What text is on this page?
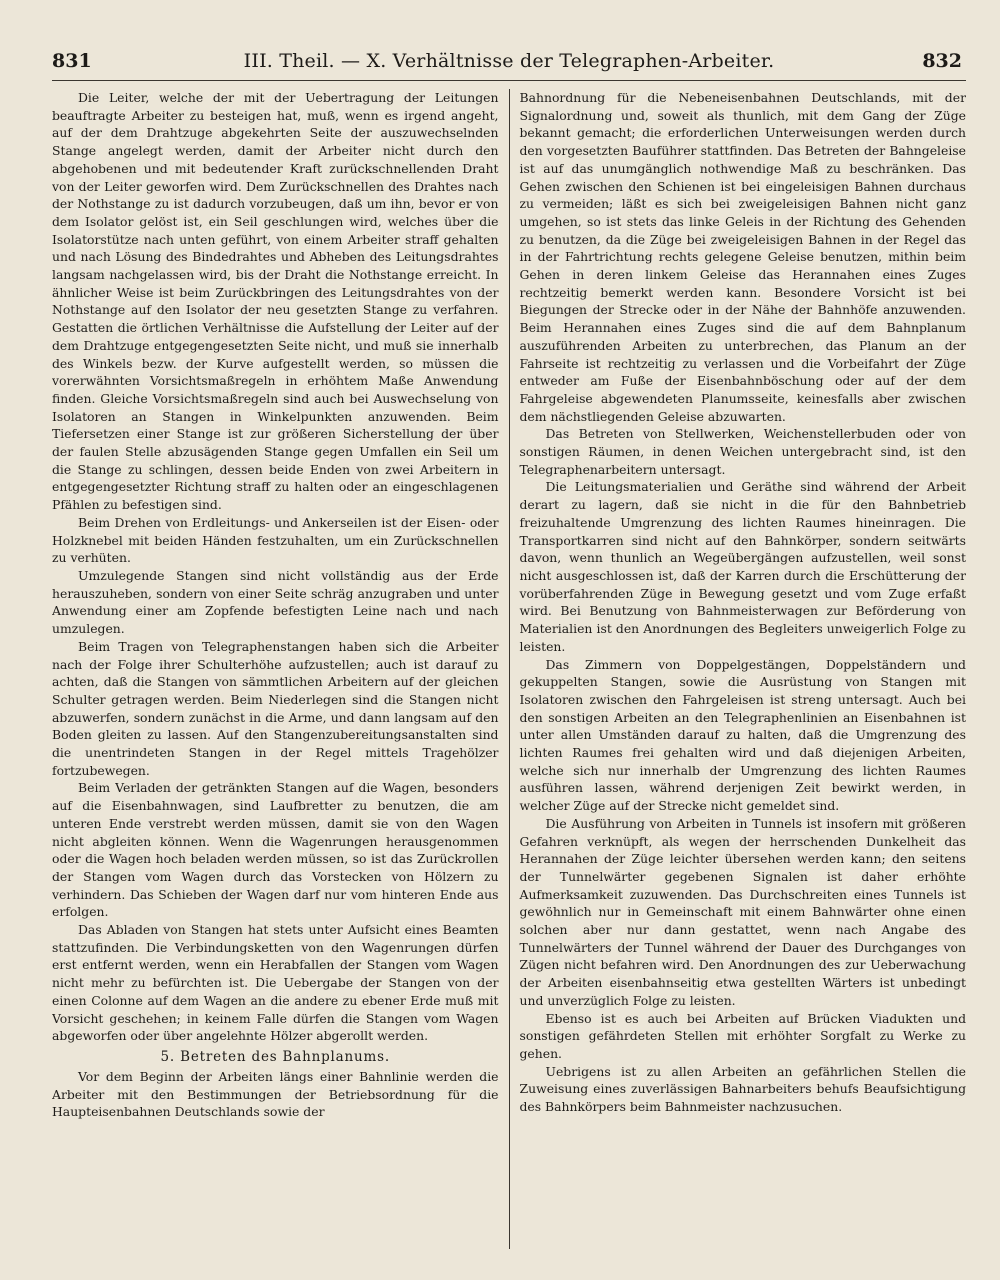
831	III. Theil. — X. Verhältnisse der Telegraphen-Arbeiter.	832

Die Leiter, welche der mit der Uebertragung der Leitungen beauftragte Arbeiter zu besteigen hat, muß, wenn es irgend angeht, auf der dem Drahtzuge abgekehrten Seite der auszuwechselnden Stange angelegt werden, damit der Arbeiter nicht durch den abgehobenen und mit bedeutender Kraft zurückschnellenden Draht von der Leiter geworfen wird. Dem Zurückschnellen des Drahtes nach der Nothstange zu ist dadurch vorzubeugen, daß um ihn, bevor er von dem Isolator gelöst ist, ein Seil geschlungen wird, welches über die Isolatorstütze nach unten geführt, von einem Arbeiter straff gehalten und nach Lösung des Bindedrahtes und Abheben des Leitungsdrahtes langsam nachgelassen wird, bis der Draht die Nothstange erreicht. In ähnlicher Weise ist beim Zurückbringen des Leitungsdrahtes von der Nothstange auf den Isolator der neu gesetzten Stange zu verfahren. Gestatten die örtlichen Verhältnisse die Aufstellung der Leiter auf der dem Drahtzuge entgegengesetzten Seite nicht, und muß sie innerhalb des Winkels bezw. der Kurve aufgestellt werden, so müssen die vorerwähnten Vorsichtsmaßregeln in erhöhtem Maße Anwendung finden. Gleiche Vorsichtsmaßregeln sind auch bei Auswechselung von Isolatoren an Stangen in Winkelpunkten anzuwenden. Beim Tiefersetzen einer Stange ist zur größeren Sicherstellung der über der faulen Stelle abzusägenden Stange gegen Umfallen ein Seil um die Stange zu schlingen, dessen beide Enden von zwei Arbeitern in entgegengesetzter Richtung straff zu halten oder an eingeschlagenen Pfählen zu befestigen sind.

Beim Drehen von Erdleitungs- und Ankerseilen ist der Eisen- oder Holzknebel mit beiden Händen festzuhalten, um ein Zurückschnellen zu verhüten.

Umzulegende Stangen sind nicht vollständig aus der Erde herauszuheben, sondern von einer Seite schräg anzugraben und unter Anwendung einer am Zopfende befestigten Leine nach und nach umzulegen.

Beim Tragen von Telegraphenstangen haben sich die Arbeiter nach der Folge ihrer Schulterhöhe aufzustellen; auch ist darauf zu achten, daß die Stangen von sämmtlichen Arbeitern auf der gleichen Schulter getragen werden. Beim Niederlegen sind die Stangen nicht abzuwerfen, sondern zunächst in die Arme, und dann langsam auf den Boden gleiten zu lassen. Auf den Stangenzubereitungsanstalten sind die unentrindeten Stangen in der Regel mittels Tragehölzer fortzubewegen.

Beim Verladen der getränkten Stangen auf die Wagen, besonders auf die Eisenbahnwagen, sind Laufbretter zu benutzen, die am unteren Ende verstrebt werden müssen, damit sie von den Wagen nicht abgleiten können. Wenn die Wagenrungen herausgenommen oder die Wagen hoch beladen werden müssen, so ist das Zurückrollen der Stangen vom Wagen durch das Vorstecken von Hölzern zu verhindern. Das Schieben der Wagen darf nur vom hinteren Ende aus erfolgen.

Das Abladen von Stangen hat stets unter Aufsicht eines Beamten stattzufinden. Die Verbindungsketten von den Wagenrungen dürfen erst entfernt werden, wenn ein Herabfallen der Stangen vom Wagen nicht mehr zu befürchten ist. Die Uebergabe der Stangen von der einen Colonne auf dem Wagen an die andere zu ebener Erde muß mit Vorsicht geschehen; in keinem Falle dürfen die Stangen vom Wagen abgeworfen oder über angelehnte Hölzer abgerollt werden.

5. Betreten des Bahnplanums.

Vor dem Beginn der Arbeiten längs einer Bahnlinie werden die Arbeiter mit den Bestimmungen der Betriebsordnung für die Haupteisenbahnen Deutschlands sowie der

Bahnordnung für die Nebeneisenbahnen Deutschlands, mit der Signalordnung und, soweit als thunlich, mit dem Gang der Züge bekannt gemacht; die erforderlichen Unterweisungen werden durch den vorgesetzten Bauführer stattfinden. Das Betreten der Bahngeleise ist auf das unumgänglich nothwendige Maß zu beschränken. Das Gehen zwischen den Schienen ist bei eingeleisigen Bahnen durchaus zu vermeiden; läßt es sich bei zweigeleisigen Bahnen nicht ganz umgehen, so ist stets das linke Geleis in der Richtung des Gehenden zu benutzen, da die Züge bei zweigeleisigen Bahnen in der Regel das in der Fahrtrichtung rechts gelegene Geleise benutzen, mithin beim Gehen in deren linkem Geleise das Herannahen eines Zuges rechtzeitig bemerkt werden kann. Besondere Vorsicht ist bei Biegungen der Strecke oder in der Nähe der Bahnhöfe anzuwenden. Beim Herannahen eines Zuges sind die auf dem Bahnplanum auszuführenden Arbeiten zu unterbrechen, das Planum an der Fahrseite ist rechtzeitig zu verlassen und die Vorbeifahrt der Züge entweder am Fuße der Eisenbahnböschung oder auf der dem Fahrgeleise abgewendeten Planumsseite, keinesfalls aber zwischen dem nächstliegenden Geleise abzuwarten.

Das Betreten von Stellwerken, Weichenstellerbuden oder von sonstigen Räumen, in denen Weichen untergebracht sind, ist den Telegraphenarbeitern untersagt.

Die Leitungsmaterialien und Geräthe sind während der Arbeit derart zu lagern, daß sie nicht in die für den Bahnbetrieb freizuhaltende Umgrenzung des lichten Raumes hineinragen. Die Transportkarren sind nicht auf den Bahnkörper, sondern seitwärts davon, wenn thunlich an Wegeübergängen aufzustellen, weil sonst nicht ausgeschlossen ist, daß der Karren durch die Erschütterung der vorüberfahrenden Züge in Bewegung gesetzt und vom Zuge erfaßt wird. Bei Benutzung von Bahnmeisterwagen zur Beförderung von Materialien ist den Anordnungen des Begleiters unweigerlich Folge zu leisten.

Das Zimmern von Doppelgestängen, Doppelständern und gekuppelten Stangen, sowie die Ausrüstung von Stangen mit Isolatoren zwischen den Fahrgeleisen ist streng untersagt. Auch bei den sonstigen Arbeiten an den Telegraphenlinien an Eisenbahnen ist unter allen Umständen darauf zu halten, daß die Umgrenzung des lichten Raumes frei gehalten wird und daß diejenigen Arbeiten, welche sich nur innerhalb der Umgrenzung des lichten Raumes ausführen lassen, während derjenigen Zeit bewirkt werden, in welcher Züge auf der Strecke nicht gemeldet sind.

Die Ausführung von Arbeiten in Tunnels ist insofern mit größeren Gefahren verknüpft, als wegen der herrschenden Dunkelheit das Herannahen der Züge leichter übersehen werden kann; den seitens der Tunnelwärter gegebenen Signalen ist daher erhöhte Aufmerksamkeit zuzuwenden. Das Durchschreiten eines Tunnels ist gewöhnlich nur in Gemeinschaft mit einem Bahnwärter ohne einen solchen aber nur dann gestattet, wenn nach Angabe des Tunnelwärters der Tunnel während der Dauer des Durchganges von Zügen nicht befahren wird. Den Anordnungen des zur Ueberwachung der Arbeiten eisenbahnseitig etwa gestellten Wärters ist unbedingt und unverzüglich Folge zu leisten.

Ebenso ist es auch bei Arbeiten auf Brücken Viadukten und sonstigen gefährdeten Stellen mit erhöhter Sorgfalt zu Werke zu gehen.

Uebrigens ist zu allen Arbeiten an gefährlichen Stellen die Zuweisung eines zuverlässigen Bahnarbeiters behufs Beaufsichtigung des Bahnkörpers beim Bahnmeister nachzusuchen.
